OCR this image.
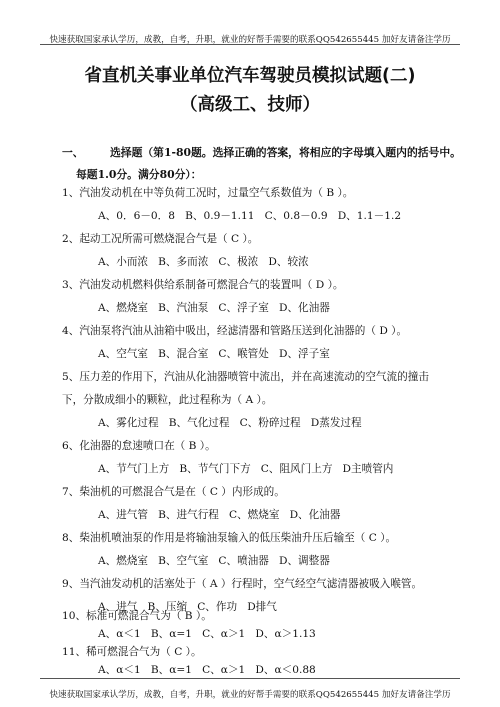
快速获取国家承认学历，成教，自考，升职，就业的好帮手需要的联系QQ542655445 加好友请备注学历
省直机关事业单位汽车驾驶员模拟试题(二)
（高级工、技师）
一、 选择题（第1-80题。选择正确的答案，将相应的字母填入题内的括号中。
每题1.0分。满分80分）：
1、汽油发动机在中等负荷工况时，过量空气系数值为（ B ）。
A、0．6－0．8   B、0.9－1.11   C、0.8－0.9   D、1.1－1.2
2、起动工况所需可燃烧混合气是（ C ）。
A、小而浓   B、多而浓   C、极浓   D、较浓
3、汽油发动机燃料供给系制备可燃混合气的装置叫（ D ）。
A、燃烧室   B、汽油泵   C、浮子室   D、化油器
4、汽油泵将汽油从油箱中吸出，经滤清器和管路压送到化油器的（ D ）。
A、空气室   B、混合室   C、喉管处   D、浮子室
5、压力差的作用下，汽油从化油器喷管中流出，并在高速流动的空气流的撞击
下，分散成细小的颗粒，此过程称为（ A ）。
A、雾化过程   B、气化过程   C、粉碎过程   D蒸发过程
6、化油器的怠速喷口在（ B ）。
A、节气门上方   B、节气门下方   C、阻风门上方   D主喷管内
7、柴油机的可燃混合气是在（ C ）内形成的。
A、进气管   B、进气行程   C、燃烧室   D、化油器
8、柴油机喷油泵的作用是将输油泵输入的低压柴油升压后输至（ C ）。
A、燃烧室   B、空气室   C、喷油器   D、调整器
9、当汽油发动机的活塞处于（ A ）行程时，空气经空气滤清器被吸入喉管。
A、进气   B、压缩   C、作功   D排气
10、标准可燃混合气为（ B ）。
A、α＜1   B、α=1   C、α＞1   D、α＞1.13
11、稀可燃混合气为（ C ）。
A、α＜1   B、α=1   C、α＞1   D、α＜0.88
快速获取国家承认学历，成教，自考，升职，就业的好帮手需要的联系QQ542655445 加好友请备注学历
